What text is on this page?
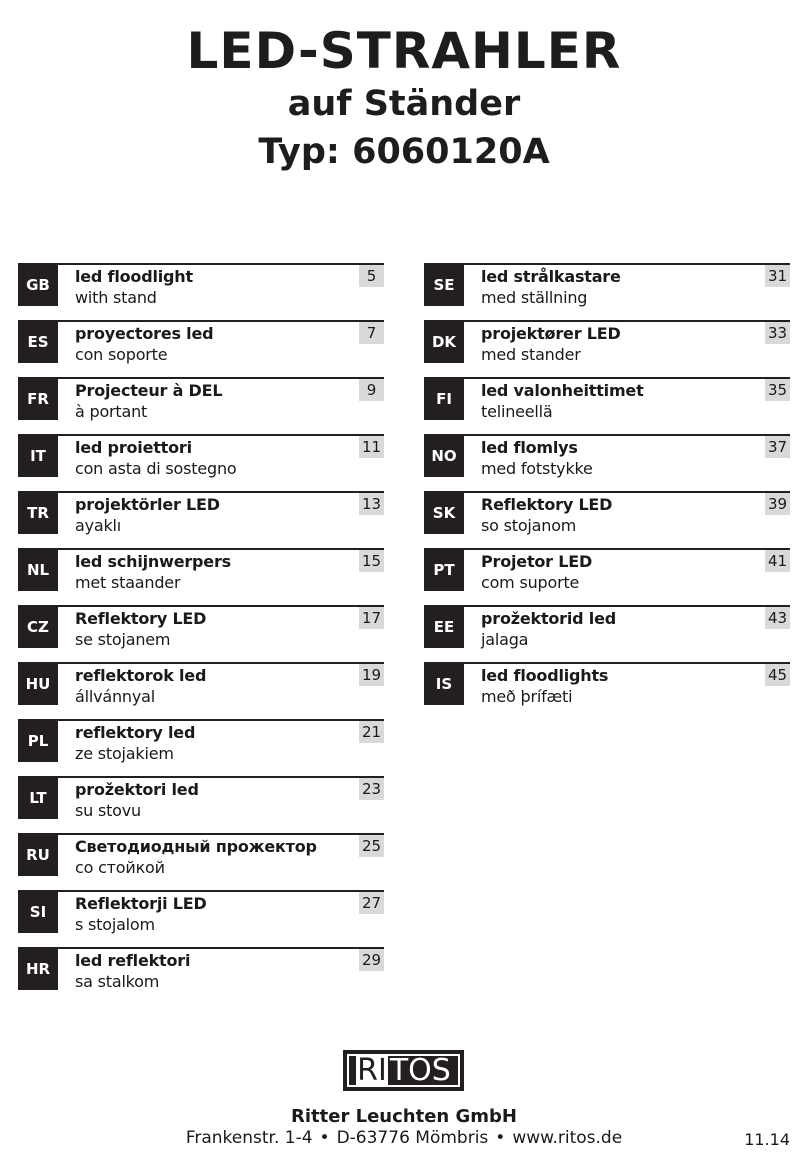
LED-STRAHLER
auf Ständer
Typ: 6060120A
GB	led floodlight
with stand
5
ES	proyectores led
con soporte
7
FR	Projecteur à DEL
à portant
9
IT	led proiettori
con asta di sostegno
11
TR	projektörler LED
ayaklı
13
NL	led schijnwerpers
met staander
15
CZ	Reflektory LED
se stojanem
17
HU	reflektorok led
állvánnyal
19
PL	reflektory led
ze stojakiem
21
LT	prožektori led
su stovu
23
RU	Светодиодный прожектор
со стойкой
25
SI	Reflektorji LED
s stojalom
27
HR	led reflektori
sa stalkom
29
SE	led strålkastare
med ställning
31
DK	projektører LED
med stander
33
FI	led valonheittimet
telineellä
35
NO	led flomlys
med fotstykke
37
SK	Reflektory LED
so stojanom
39
PT	Projetor LED
com suporte
41
EE	prožektorid led
jalaga
43
IS	led floodlights
með þrífæti
45
RI TOS
Ritter Leuchten GmbH
Frankenstr. 1-4 • D-63776 Mömbris • www.ritos.de	11.14
